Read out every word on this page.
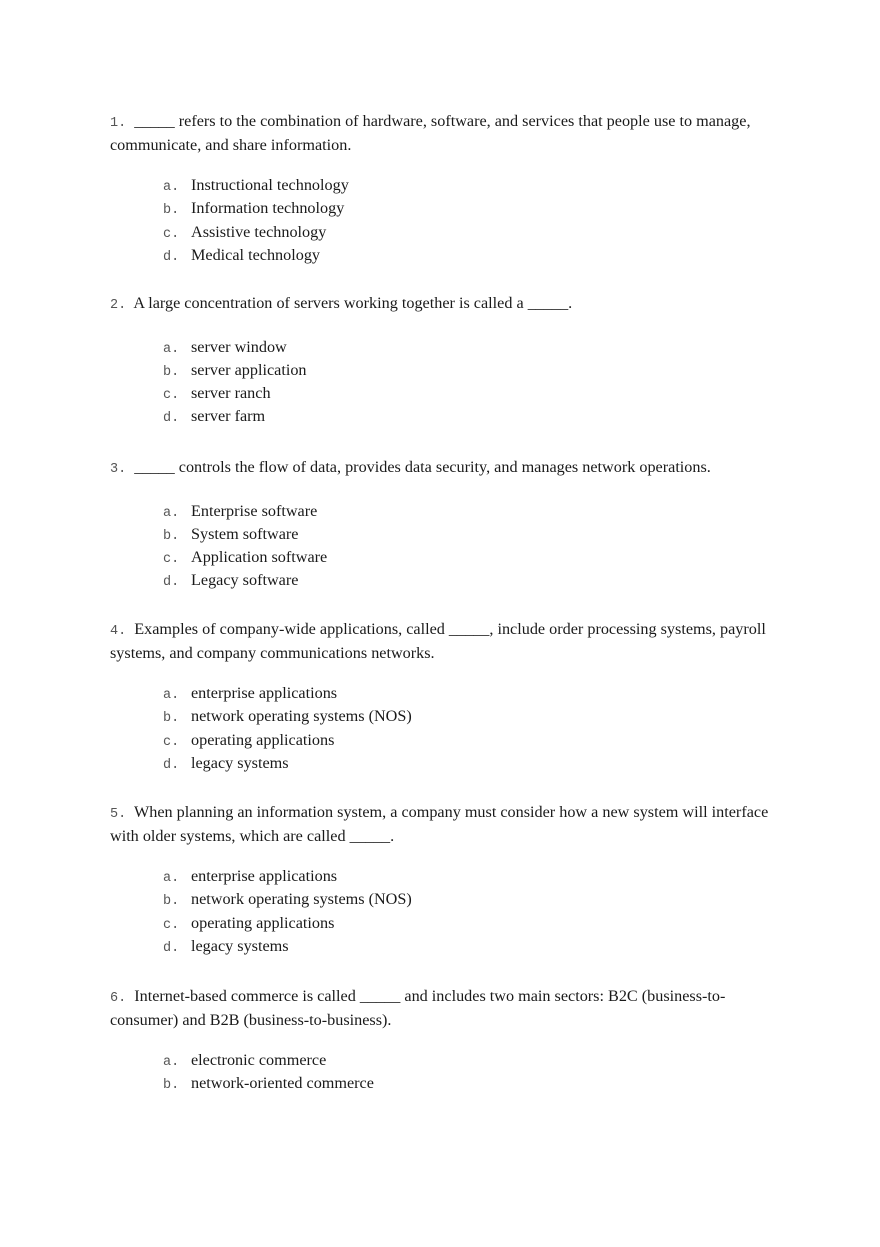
1. _____ refers to the combination of hardware, software, and services that people use to manage, communicate, and share information.

a. Instructional technology
b. Information technology
c. Assistive technology
d. Medical technology

2. A large concentration of servers working together is called a _____.

a. server window
b. server application
c. server ranch
d. server farm

3. _____ controls the flow of data, provides data security, and manages network operations.

a. Enterprise software
b. System software
c. Application software
d. Legacy software

4. Examples of company-wide applications, called _____, include order processing systems, payroll systems, and company communications networks.

a. enterprise applications
b. network operating systems (NOS)
c. operating applications
d. legacy systems

5. When planning an information system, a company must consider how a new system will interface with older systems, which are called _____.

a. enterprise applications
b. network operating systems (NOS)
c. operating applications
d. legacy systems

6. Internet-based commerce is called _____ and includes two main sectors: B2C (business-to-consumer) and B2B (business-to-business).

a. electronic commerce
b. network-oriented commerce
